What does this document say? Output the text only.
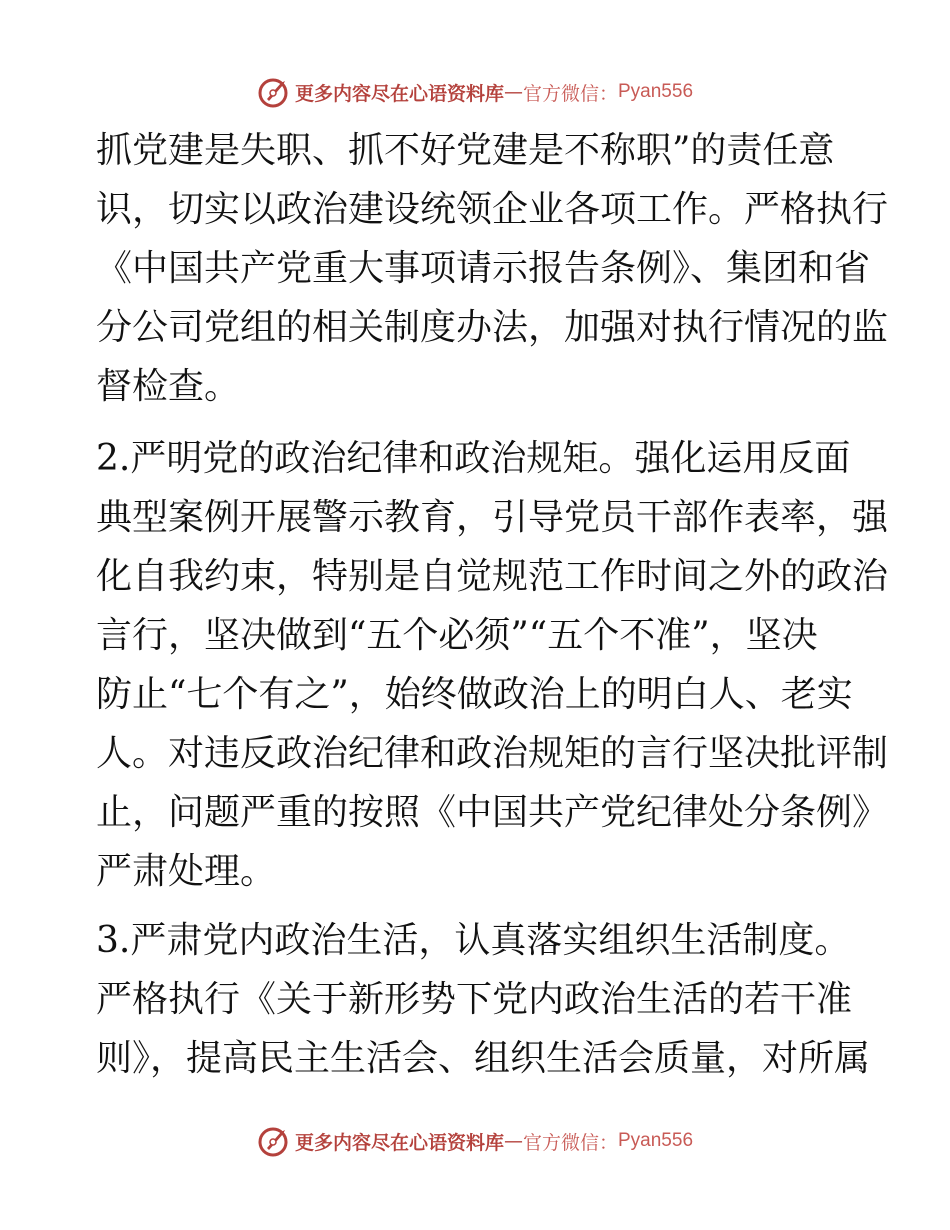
更多内容尽在心语资料库 — 官方微信： Pyan556
抓党建是失职、抓不好党建是不称职”的责任意
识，切实以政治建设统领企业各项工作。严格执行
《中国共产党重大事项请示报告条例》、集团和省
分公司党组的相关制度办法，加强对执行情况的监
督检查。
2.严明党的政治纪律和政治规矩。强化运用反面
典型案例开展警示教育，引导党员干部作表率，强
化自我约束，特别是自觉规范工作时间之外的政治
言行，坚决做到“五个必须”“五个不准”，坚决
防止“七个有之”，始终做政治上的明白人、老实
人。对违反政治纪律和政治规矩的言行坚决批评制
止，问题严重的按照《中国共产党纪律处分条例》
严肃处理。
3.严肃党内政治生活，认真落实组织生活制度。
严格执行《关于新形势下党内政治生活的若干准
则》，提高民主生活会、组织生活会质量，对所属
更多内容尽在心语资料库 — 官方微信： Pyan556
